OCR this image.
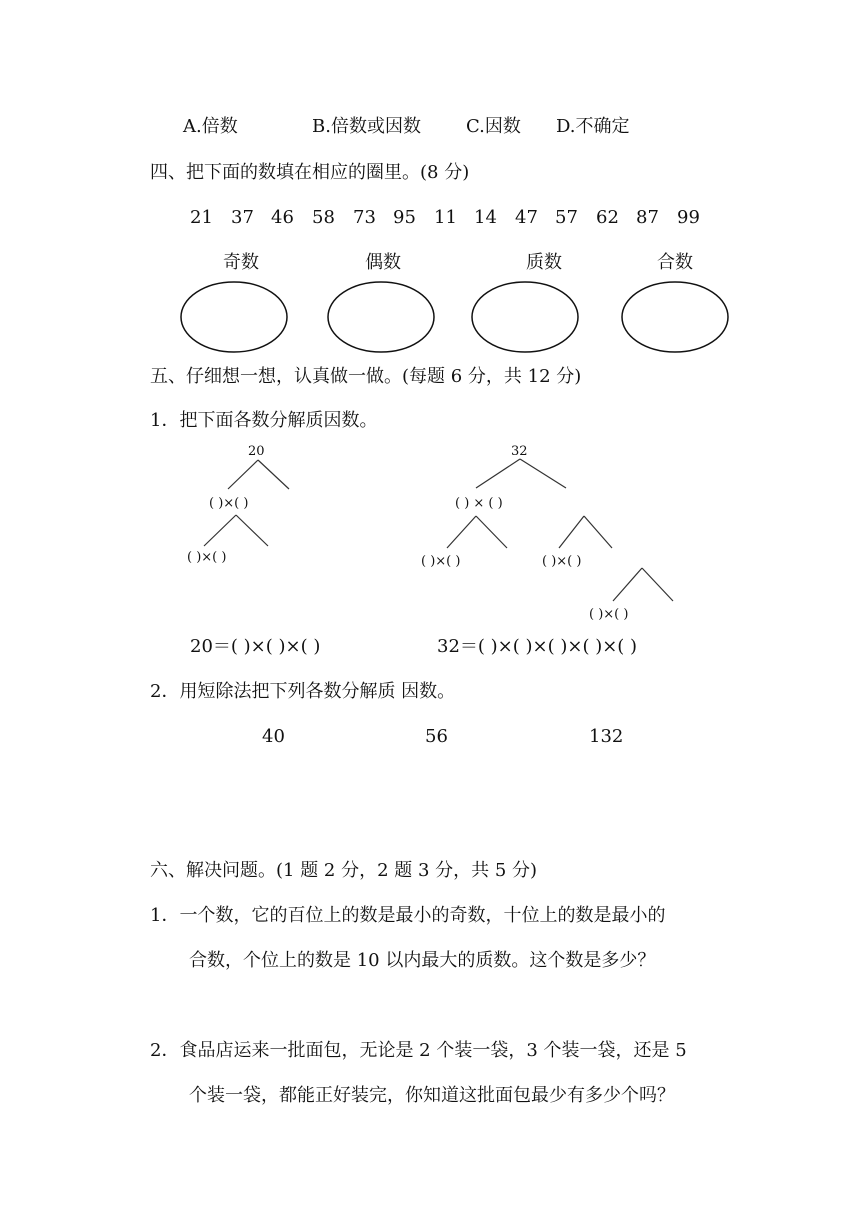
A.倍数	B.倍数或因数	C.因数 D.不确定
四、把下面的数填在相应的圈里。(8 分)
21 37 46 58 73 95 11 14 47 57 62 87 99
奇数	偶数	质数	合数
五、仔细想一想，认真做一做。(每题 6 分，共 12 分)
1．把下面各数分解质因数。
20
( )×( )
( )×( )
32
( ) × ( )
( )×( )	( )×( )
( )×( )
20＝( )×( )×( )	32＝( )×( )×( )×( )×( )
2．用短除法把下列各数分解质 因数。
40	56	132
六、解决问题。(1 题 2 分，2 题 3 分，共 5 分)
1．一个数，它的百位上的数是最小的奇数，十位上的数是最小的
合数，个位上的数是 10 以内最大的质数。这个数是多少？
2．食品店运来一批面包，无论是 2 个装一袋，3 个装一袋，还是 5
个装一袋，都能正好装完，你知道这批面包最少有多少个吗？
